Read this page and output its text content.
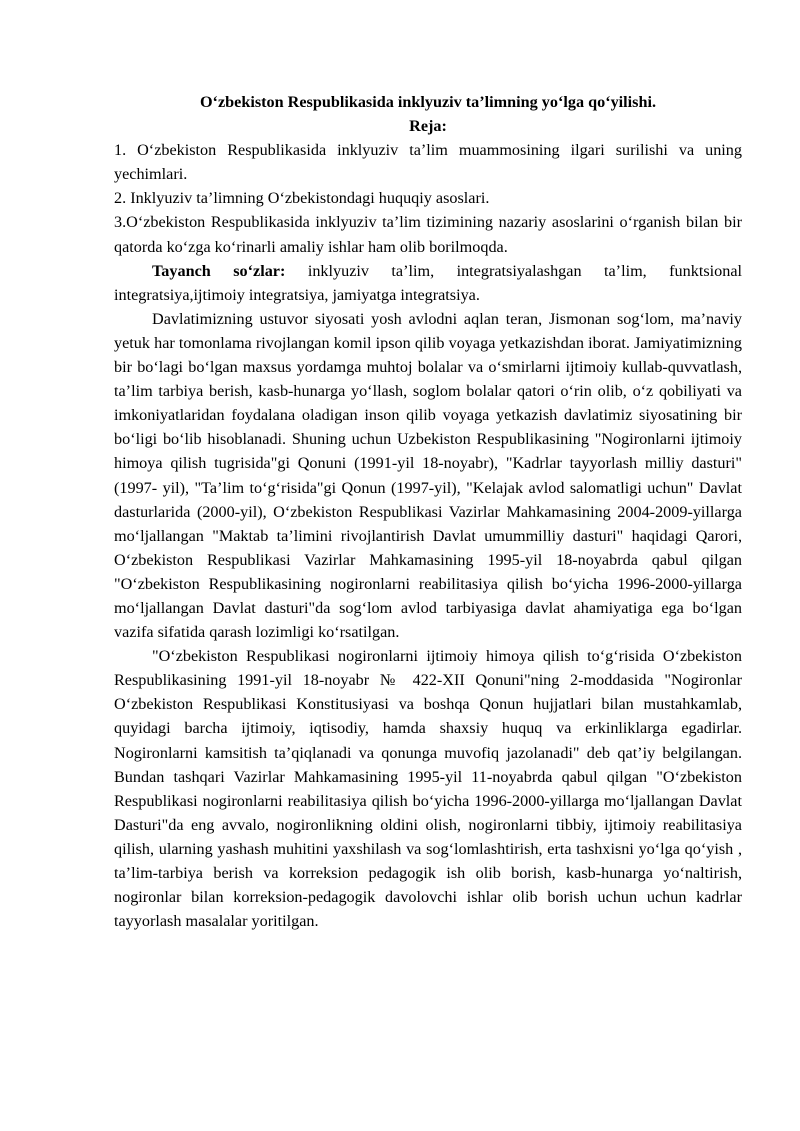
O‘zbekiston Respublikasida inklyuziv ta’limning yo‘lga qo‘yilishi.

Reja:

1. O‘zbekiston Respublikasida inklyuziv ta’lim muammosining ilgari surilishi va uning yechimlari.

2. Inklyuziv ta’limning O‘zbekistondagi huquqiy asoslari.

3.O‘zbekiston Respublikasida inklyuziv ta’lim tizimining nazariy asoslarini o‘rganish bilan bir qatorda ko‘zga ko‘rinarli amaliy ishlar ham olib borilmoqda.

Tayanch so‘zlar: inklyuziv ta’lim, integratsiyalashgan ta’lim, funktsional integratsiya,ijtimoiy integratsiya, jamiyatga integratsiya.

Davlatimizning ustuvor siyosati yosh avlodni aqlan teran, Jismonan sog‘lom, ma’naviy yetuk har tomonlama rivojlangan komil ipson qilib voyaga yetkazishdan iborat. Jamiyatimizning bir bo‘lagi bo‘lgan maxsus yordamga muhtoj bolalar va o‘smirlarni ijtimoiy kullab-quvvatlash, ta’lim tarbiya berish, kasb-hunarga yo‘llash, soglom bolalar qatori o‘rin olib, o‘z qobiliyati va imkoniyatlaridan foydalana oladigan inson qilib voyaga yetkazish davlatimiz siyosatining bir bo‘ligi bo‘lib hisoblanadi. Shuning uchun Uzbekiston Respublikasining "Nogironlarni ijtimoiy himoya qilish tugrisida"gi Qonuni (1991-yil 18-noyabr), "Kadrlar tayyorlash milliy dasturi" (1997- yil), "Ta’lim to‘g‘risida"gi Qonun (1997-yil), "Kelajak avlod salomatligi uchun" Davlat dasturlarida (2000-yil), O‘zbekiston Respublikasi Vazirlar Mahkamasining 2004-2009-yillarga mo‘ljallangan "Maktab ta’limini rivojlantirish Davlat umummilliy dasturi" haqidagi Qarori, O‘zbekiston Respublikasi Vazirlar Mahkamasining 1995-yil 18-noyabrda qabul qilgan "O‘zbekiston Respublikasining nogironlarni reabilitasiya qilish bo‘yicha 1996-2000-yillarga mo‘ljallangan Davlat dasturi"da sog‘lom avlod tarbiyasiga davlat ahamiyatiga ega bo‘lgan vazifa sifatida qarash lozimligi ko‘rsatilgan.

"O‘zbekiston Respublikasi nogironlarni ijtimoiy himoya qilish to‘g‘risida O‘zbekiston Respublikasining 1991-yil 18-noyabr № 422-XII Qonuni"ning 2-moddasida "Nogironlar O‘zbekiston Respublikasi Konstitusiyasi va boshqa Qonun hujjatlari bilan mustahkamlab, quyidagi barcha ijtimoiy, iqtisodiy, hamda shaxsiy huquq va erkinliklarga egadirlar. Nogironlarni kamsitish ta’qiqlanadi va qonunga muvofiq jazolanadi" deb qat’iy belgilangan. Bundan tashqari Vazirlar Mahkamasining 1995-yil 11-noyabrda qabul qilgan "O‘zbekiston Respublikasi nogironlarni reabilitasiya qilish bo‘yicha 1996-2000-yillarga mo‘ljallangan Davlat Dasturi"da eng avvalo, nogironlikning oldini olish, nogironlarni tibbiy, ijtimoiy reabilitasiya qilish, ularning yashash muhitini yaxshilash va sog‘lomlashtirish, erta tashxisni yo‘lga qo‘yish , ta’lim-tarbiya berish va korreksion pedagogik ish olib borish, kasb-hunarga yo‘naltirish, nogironlar bilan korreksion-pedagogik davolovchi ishlar olib borish uchun uchun kadrlar tayyorlash masalalar yoritilgan.
